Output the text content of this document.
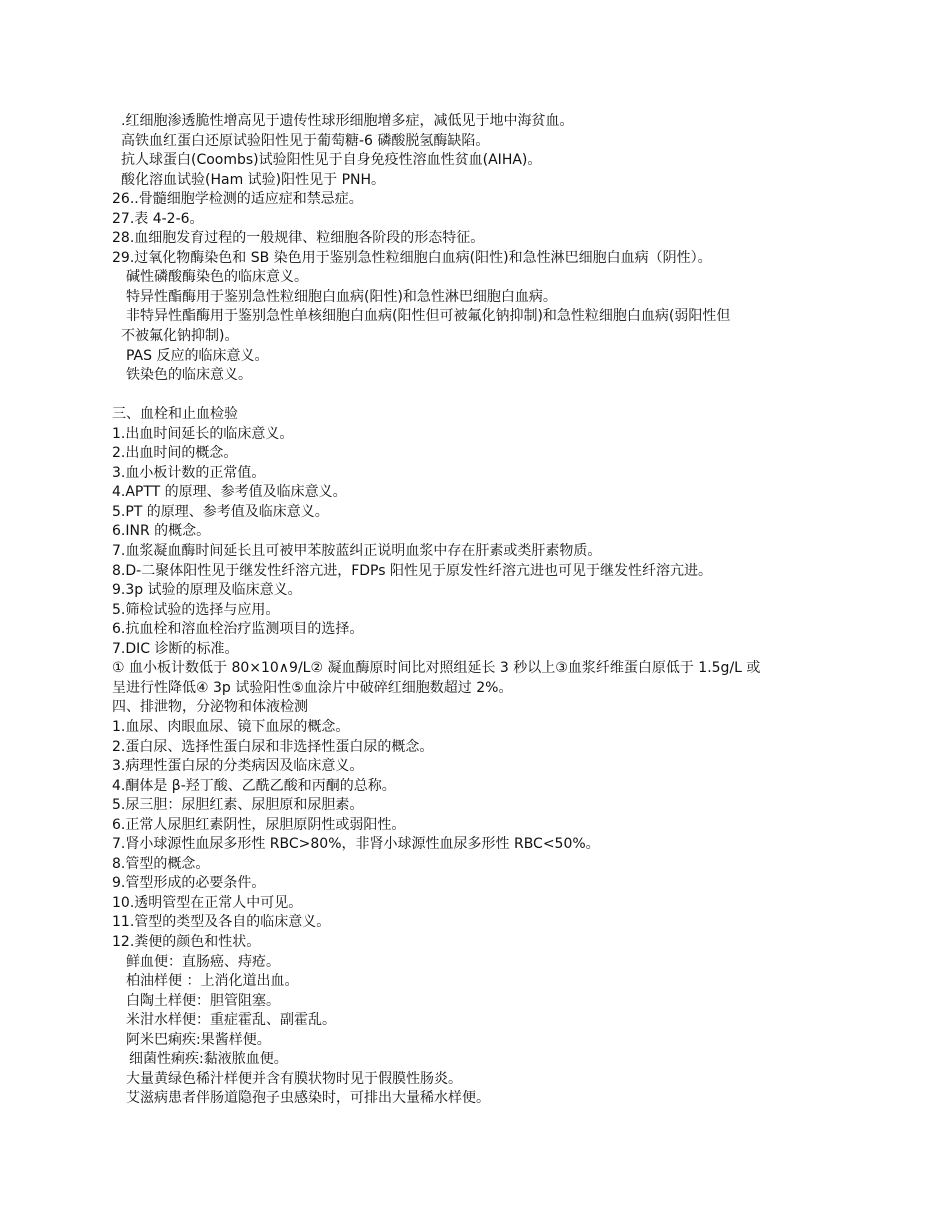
.红细胞渗透脆性增高见于遗传性球形细胞增多症，减低见于地中海贫血。

高铁血红蛋白还原试验阳性见于葡萄糖-6 磷酸脱氢酶缺陷。

抗人球蛋白(Coombs)试验阳性见于自身免疫性溶血性贫血(AIHA)。

酸化溶血试验(Ham 试验)阳性见于 PNH。

26..骨髓细胞学检测的适应症和禁忌症。

27.表 4-2-6。

28.血细胞发育过程的一般规律、粒细胞各阶段的形态特征。

29.过氧化物酶染色和 SB 染色用于鉴别急性粒细胞白血病(阳性)和急性淋巴细胞白血病（阴性）。

碱性磷酸酶染色的临床意义。

特异性酯酶用于鉴别急性粒细胞白血病(阳性)和急性淋巴细胞白血病。

非特异性酯酶用于鉴别急性单核细胞白血病(阳性但可被氟化钠抑制)和急性粒细胞白血病(弱阳性但

不被氟化钠抑制)。

PAS 反应的临床意义。

铁染色的临床意义。

三、血栓和止血检验

1.出血时间延长的临床意义。

2.出血时间的概念。

3.血小板计数的正常值。

4.APTT 的原理、参考值及临床意义。

5.PT 的原理、参考值及临床意义。

6.INR 的概念。

7.血浆凝血酶时间延长且可被甲苯胺蓝纠正说明血浆中存在肝素或类肝素物质。

8.D-二聚体阳性见于继发性纤溶亢进，FDPs 阳性见于原发性纤溶亢进也可见于继发性纤溶亢进。

9.3p 试验的原理及临床意义。

5.筛检试验的选择与应用。

6.抗血栓和溶血栓治疗监测项目的选择。

7.DIC 诊断的标准。

① 血小板计数低于 80×10∧9/L② 凝血酶原时间比对照组延长 3 秒以上③血浆纤维蛋白原低于 1.5g/L 或

呈进行性降低④ 3p 试验阳性⑤血涂片中破碎红细胞数超过 2%。

四、排泄物，分泌物和体液检测

1.血尿、肉眼血尿、镜下血尿的概念。

2.蛋白尿、选择性蛋白尿和非选择性蛋白尿的概念。

3.病理性蛋白尿的分类病因及临床意义。

4.酮体是 β-羟丁酸、乙酰乙酸和丙酮的总称。

5.尿三胆：尿胆红素、尿胆原和尿胆素。

6.正常人尿胆红素阴性，尿胆原阴性或弱阳性。

7.肾小球源性血尿多形性 RBC>80%，非肾小球源性血尿多形性 RBC<50%。

8.管型的概念。

9.管型形成的必要条件。

10.透明管型在正常人中可见。

11.管型的类型及各自的临床意义。

12.粪便的颜色和性状。

鲜血便：直肠癌、痔疮。

柏油样便 ：上消化道出血。

白陶土样便：胆管阻塞。

米泔水样便：重症霍乱、副霍乱。

阿米巴痢疾:果酱样便。

细菌性痢疾:黏液脓血便。

大量黄绿色稀汁样便并含有膜状物时见于假膜性肠炎。

艾滋病患者伴肠道隐孢子虫感染时，可排出大量稀水样便。
